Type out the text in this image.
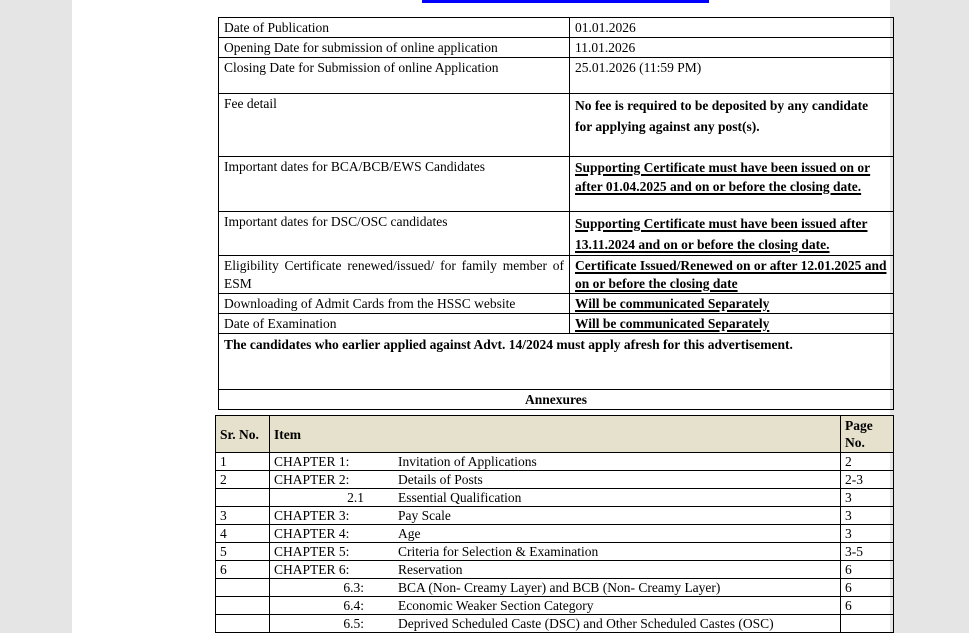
Date of Publication	01.01.2026
Opening Date for submission of online application	11.01.2026
Closing Date for Submission of online Application	25.01.2026 (11:59 PM)
Fee detail	No fee is required to be deposited by any candidate for applying against any post(s).
Important dates for BCA/BCB/EWS Candidates	Supporting Certificate must have been issued on or after 01.04.2025 and on or before the closing date.
Important dates for DSC/OSC candidates	Supporting Certificate must have been issued after 13.11.2024 and on or before the closing date.
Eligibility Certificate renewed/issued/ for family member of ESM	Certificate Issued/Renewed on or after 12.01.2025 and on or before the closing date
Downloading of Admit Cards from the HSSC website	Will be communicated Separately
Date of Examination	Will be communicated Separately
The candidates who earlier applied against Advt. 14/2024 must apply afresh for this advertisement.	
Annexures	
Sr. No.	Item	Page No.
1	CHAPTER 1: Invitation of Applications	2
2	CHAPTER 2: Details of Posts	2-3
	2.1 Essential Qualification	3
3	CHAPTER 3: Pay Scale	3
4	CHAPTER 4: Age	3
5	CHAPTER 5: Criteria for Selection & Examination	3-5
6	CHAPTER 6: Reservation	6
	6.3: BCA (Non- Creamy Layer) and BCB (Non- Creamy Layer)	6
	6.4: Economic Weaker Section Category	6
	6.5: Deprived Scheduled Caste (DSC) and Other Scheduled Castes (OSC)	
